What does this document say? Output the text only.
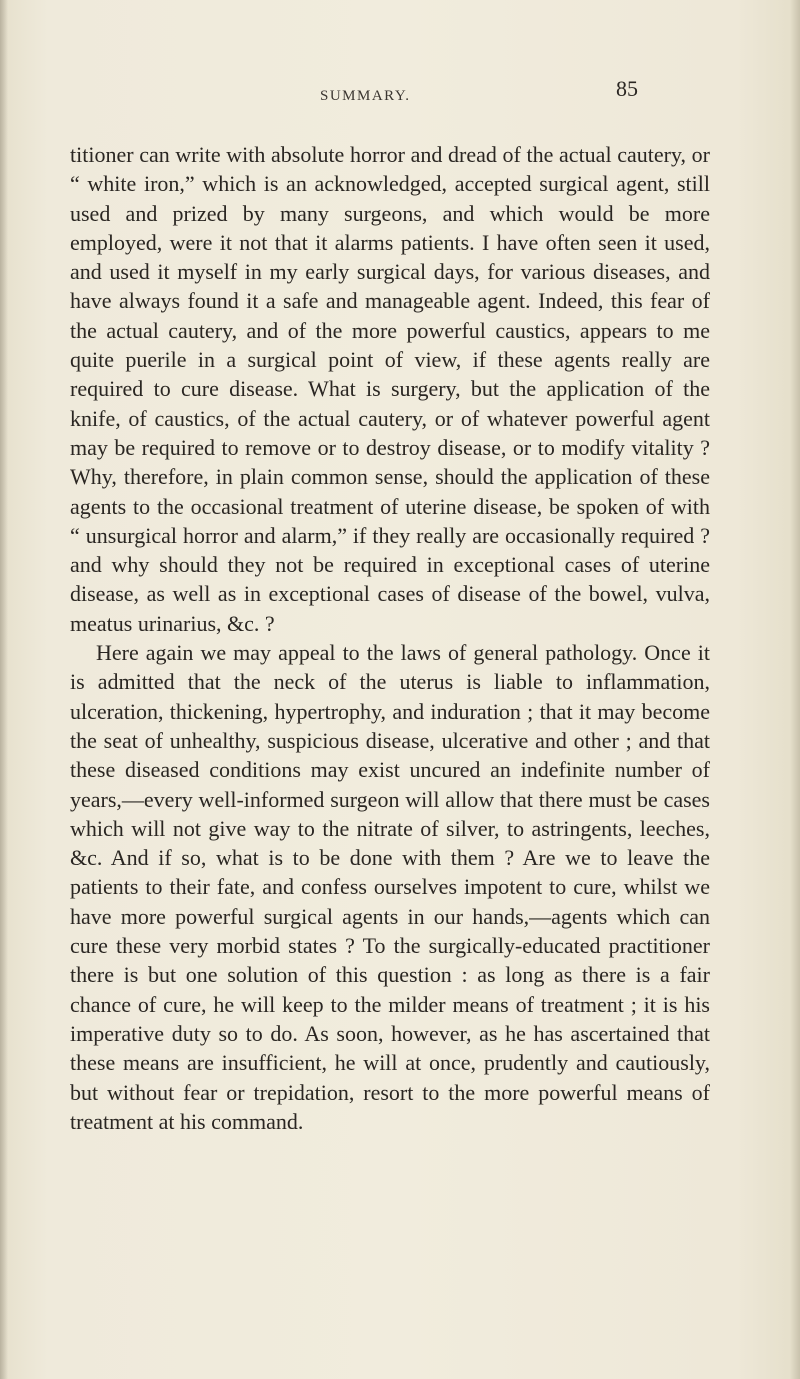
SUMMARY.	85

titioner can write with absolute horror and dread of the actual cautery, or “ white iron,” which is an acknowledged, accepted surgical agent, still used and prized by many surgeons, and which would be more employed, were it not that it alarms patients. I have often seen it used, and used it myself in my early surgical days, for various diseases, and have always found it a safe and manageable agent. Indeed, this fear of the actual cautery, and of the more powerful caustics, appears to me quite puerile in a surgical point of view, if these agents really are required to cure disease. What is surgery, but the application of the knife, of caustics, of the actual cautery, or of whatever powerful agent may be required to remove or to destroy disease, or to modify vitality ? Why, therefore, in plain common sense, should the application of these agents to the occasional treatment of uterine disease, be spoken of with “ unsurgical horror and alarm,” if they really are occasionally required ? and why should they not be required in exceptional cases of uterine disease, as well as in exceptional cases of disease of the bowel, vulva, meatus urinarius, &c. ?

Here again we may appeal to the laws of general pathology. Once it is admitted that the neck of the uterus is liable to inflammation, ulceration, thickening, hypertrophy, and induration ; that it may become the seat of unhealthy, suspicious disease, ulcerative and other ; and that these diseased conditions may exist uncured an indefinite number of years,—every well-informed surgeon will allow that there must be cases which will not give way to the nitrate of silver, to astringents, leeches, &c. And if so, what is to be done with them ? Are we to leave the patients to their fate, and confess ourselves impotent to cure, whilst we have more powerful surgical agents in our hands,—agents which can cure these very morbid states ? To the surgically-educated practitioner there is but one solution of this question : as long as there is a fair chance of cure, he will keep to the milder means of treatment ; it is his imperative duty so to do. As soon, however, as he has ascertained that these means are insufficient, he will at once, prudently and cautiously, but without fear or trepidation, resort to the more powerful means of treatment at his command.
